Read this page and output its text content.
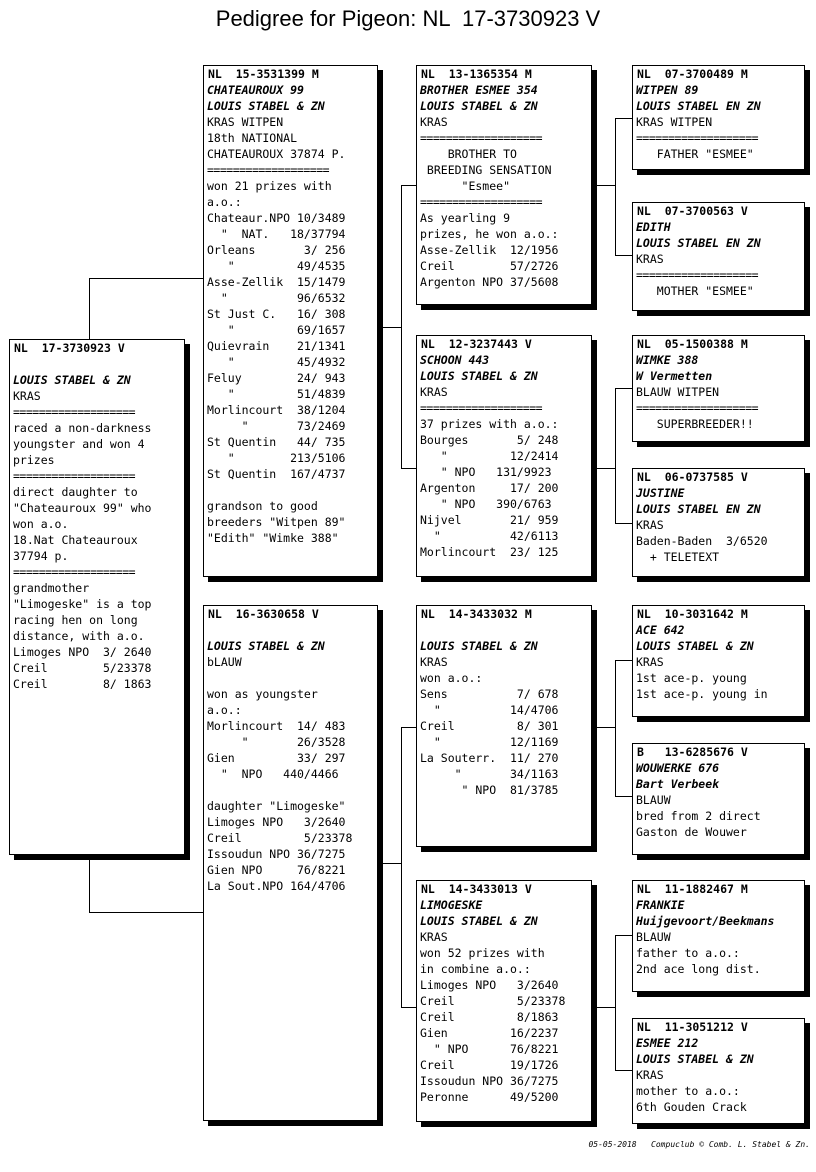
Pedigree for Pigeon: NL  17-3730923 V
NL  17-3730923 V

LOUIS STABEL & ZN
KRAS
===================
raced a non-darkness
youngster and won 4
prizes
===================
direct daughter to
"Chateauroux 99" who
won a.o.
18.Nat Chateauroux
37794 p.
===================
grandmother
"Limogeske" is a top
racing hen on long
distance, with a.o.
Limoges NPO  3/ 2640
Creil        5/23378
Creil        8/ 1863
NL  15-3531399 M
CHATEAUROUX 99
LOUIS STABEL & ZN
KRAS WITPEN
18th NATIONAL
CHATEAUROUX 37874 P.
===================
won 21 prizes with
a.o.:
Chateaur.NPO 10/3489
"  NAT.   18/37794
Orleans       3/ 256
"         49/4535
Asse-Zellik  15/1479
"          96/6532
St Just C.   16/ 308
"         69/1657
Quievrain    21/1341
"         45/4932
Feluy        24/ 943
"         51/4839
Morlincourt  38/1204
"       73/2469
St Quentin   44/ 735
"        213/5106
St Quentin  167/4737

grandson to good
breeders "Witpen 89"
"Edith" "Wimke 388"
NL  16-3630658 V

LOUIS STABEL & ZN
bLAUW

won as youngster
a.o.:
Morlincourt  14/ 483
"       26/3528
Gien         33/ 297
"  NPO   440/4466

daughter "Limogeske"
Limoges NPO   3/2640
Creil         5/23378
Issoudun NPO 36/7275
Gien NPO     76/8221
La Sout.NPO 164/4706
NL  13-1365354 M
BROTHER ESMEE 354
LOUIS STABEL & ZN
KRAS
===================
BROTHER TO
BREEDING SENSATION
"Esmee"
===================
As yearling 9
prizes, he won a.o.:
Asse-Zellik  12/1956
Creil        57/2726
Argenton NPO 37/5608
NL  12-3237443 V
SCHOON 443
LOUIS STABEL & ZN
KRAS
===================
37 prizes with a.o.:
Bourges       5/ 248
"         12/2414
" NPO   131/9923
Argenton     17/ 200
" NPO   390/6763
Nijvel       21/ 959
"          42/6113
Morlincourt  23/ 125
NL  14-3433032 M

LOUIS STABEL & ZN
KRAS
won a.o.:
Sens          7/ 678
"          14/4706
Creil         8/ 301
"          12/1169
La Souterr.  11/ 270
"       34/1163
" NPO  81/3785
NL  14-3433013 V
LIMOGESKE
LOUIS STABEL & ZN
KRAS
won 52 prizes with
in combine a.o.:
Limoges NPO   3/2640
Creil         5/23378
Creil         8/1863
Gien         16/2237
" NPO      76/8221
Creil        19/1726
Issoudun NPO 36/7275
Peronne      49/5200
NL  07-3700489 M
WITPEN 89
LOUIS STABEL EN ZN
KRAS WITPEN
===================
FATHER "ESMEE"
NL  07-3700563 V
EDITH
LOUIS STABEL EN ZN
KRAS
===================
MOTHER "ESMEE"
NL  05-1500388 M
WIMKE 388
W Vermetten
BLAUW WITPEN
===================
SUPERBREEDER!!
NL  06-0737585 V
JUSTINE
LOUIS STABEL EN ZN
KRAS
Baden-Baden  3/6520
+ TELETEXT
NL  10-3031642 M
ACE 642
LOUIS STABEL & ZN
KRAS
1st ace-p. young
1st ace-p. young in
B   13-6285676 V
WOUWERKE 676
Bart Verbeek
BLAUW
bred from 2 direct
Gaston de Wouwer
NL  11-1882467 M
FRANKIE
Huijgevoort/Beekmans
BLAUW
father to a.o.:
2nd ace long dist.
NL  11-3051212 V
ESMEE 212
LOUIS STABEL & ZN
KRAS
mother to a.o.:
6th Gouden Crack
05-05-2018   Compuclub © Comb. L. Stabel & Zn.
